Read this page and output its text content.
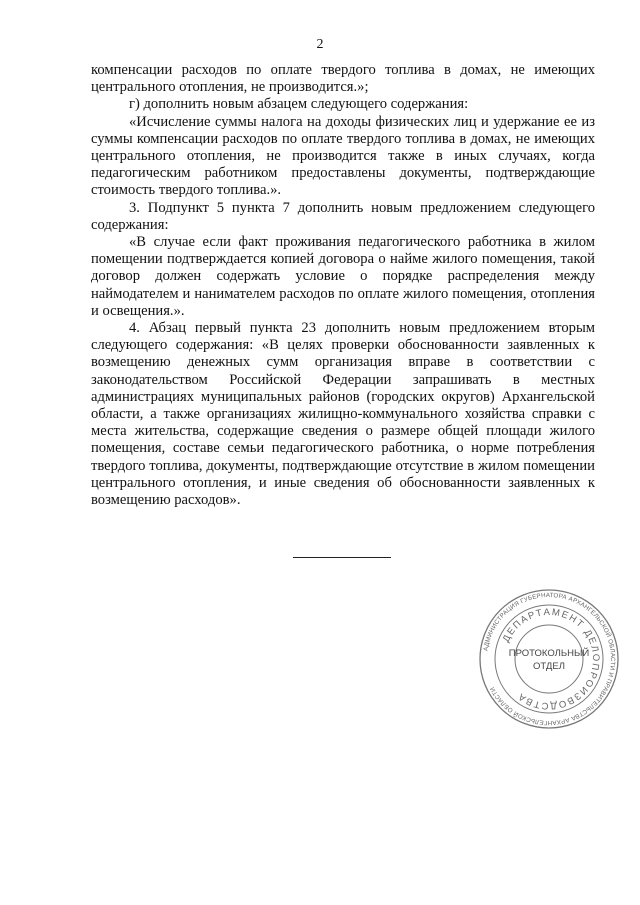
2

компенсации расходов по оплате твердого топлива в домах, не имеющих центрального отопления, не производится.»;

г) дополнить новым абзацем следующего содержания:

«Исчисление суммы налога на доходы физических лиц и удержание ее из суммы компенсации расходов по оплате твердого топлива в домах, не имеющих центрального отопления, не производится также в иных случаях, когда педагогическим работником предоставлены документы, подтверждающие стоимость твердого топлива.».

3. Подпункт 5 пункта 7 дополнить новым предложением следующего содержания:

«В случае если факт проживания педагогического работника в жилом помещении подтверждается копией договора о найме жилого помещения, такой договор должен содержать условие о порядке распределения между наймодателем и нанимателем расходов по оплате жилого помещения, отопления и освещения.».

4. Абзац первый пункта 23 дополнить новым предложением вторым следующего содержания: «В целях проверки обоснованности заявленных к возмещению денежных сумм организация вправе в соответствии с законодательством Российской Федерации запрашивать в местных администрациях муниципальных районов (городских округов) Архангельской области, а также организациях жилищно-коммунального хозяйства справки с места жительства, содержащие сведения о размере общей площади жилого помещения, составе семьи педагогического работника, о норме потребления твердого топлива, документы, подтверждающие отсутствие в жилом помещении центрального отопления, и иные сведения об обоснованности заявленных к возмещению расходов».

АДМИНИСТРАЦИЯ ГУБЕРНАТОРА АРХАНГЕЛЬСКОЙ ОБЛАСТИ И ПРАВИТЕЛЬСТВА АРХАНГЕЛЬСКОЙ ОБЛАСТИ
ДЕПАРТАМЕНТ ДЕЛОПРОИЗВОДСТВА
ПРОТОКОЛЬНЫЙ
ОТДЕЛ
